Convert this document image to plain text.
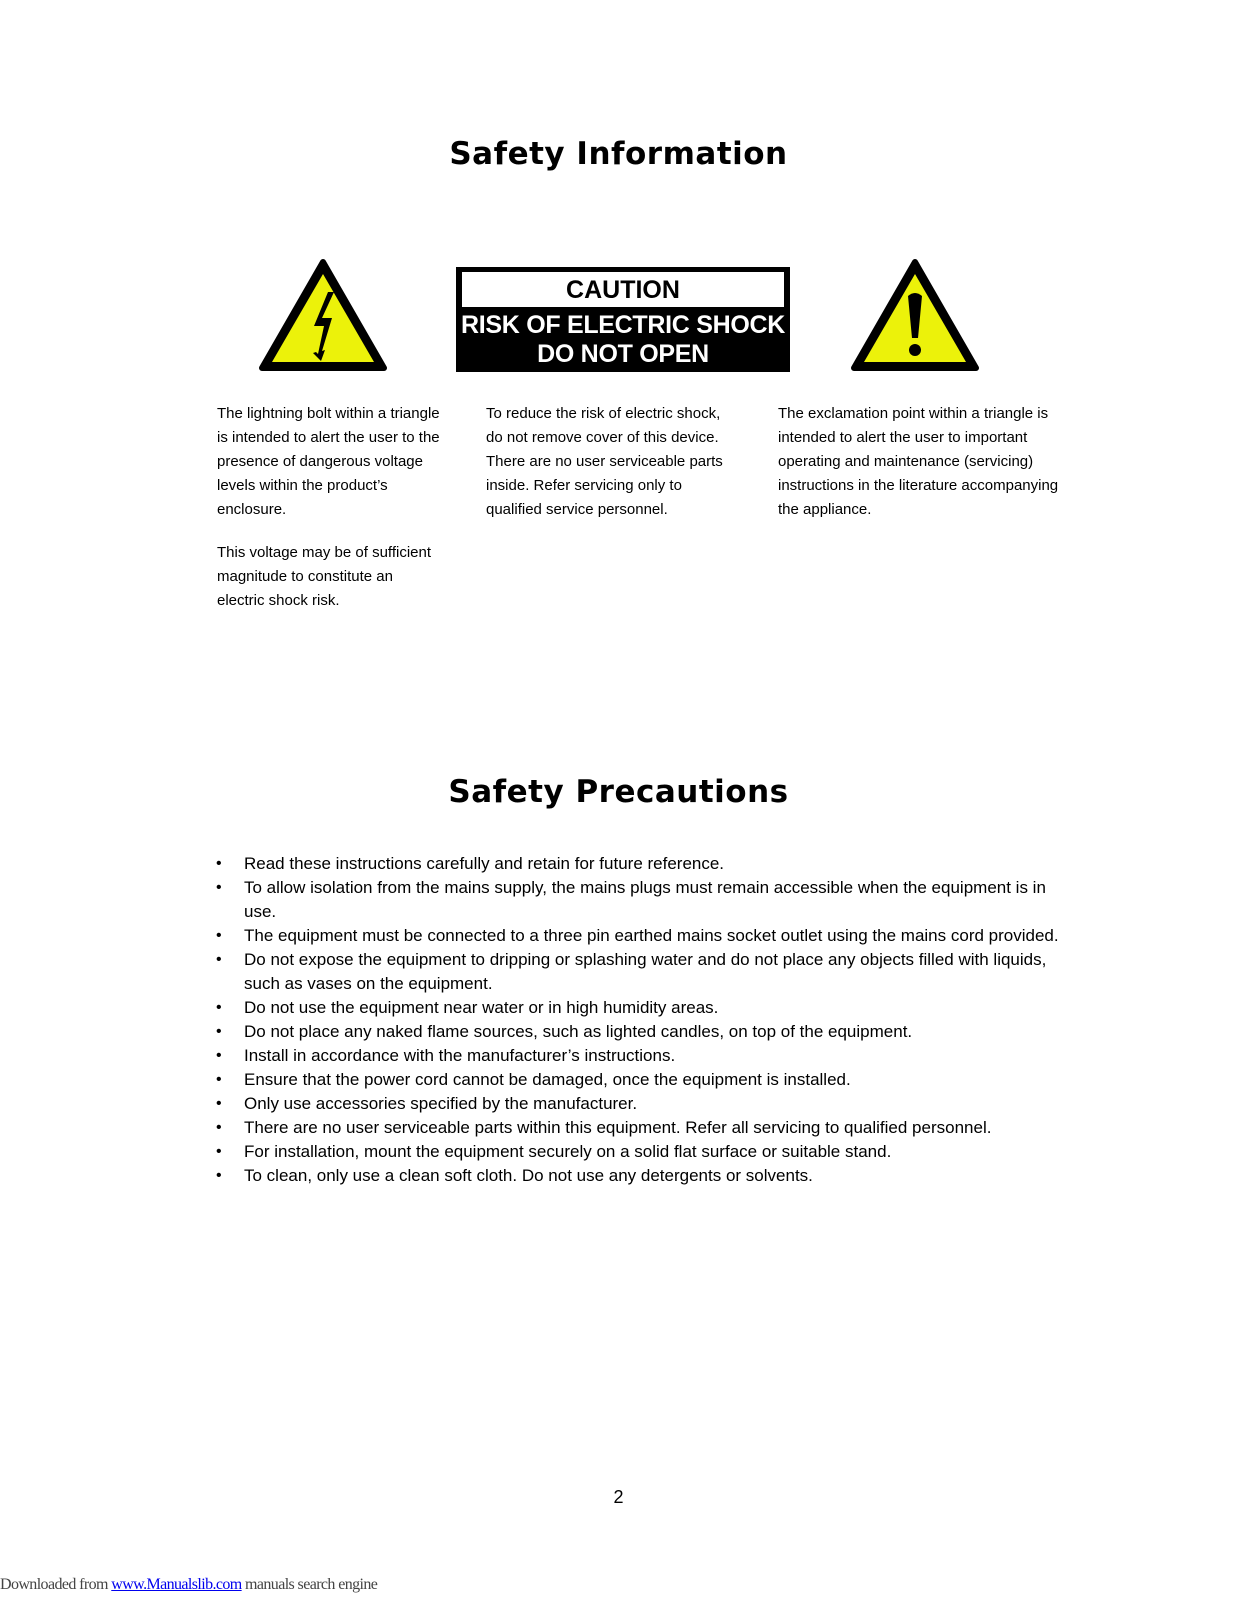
Safety Information
CAUTION
RISK OF ELECTRIC SHOCK
DO NOT OPEN

The lightning bolt within a triangle is intended to alert the user to the presence of dangerous voltage levels within the product’s enclosure.

This voltage may be of sufficient magnitude to constitute an electric shock risk.

To reduce the risk of electric shock, do not remove cover of this device. There are no user serviceable parts inside. Refer servicing only to qualified service personnel.

The exclamation point within a triangle is intended to alert the user to important operating and maintenance (servicing) instructions in the literature accompanying the appliance.

Safety Precautions
• Read these instructions carefully and retain for future reference.
• To allow isolation from the mains supply, the mains plugs must remain accessible when the equipment is in use.
• The equipment must be connected to a three pin earthed mains socket outlet using the mains cord provided.
• Do not expose the equipment to dripping or splashing water and do not place any objects filled with liquids, such as vases on the equipment.
• Do not use the equipment near water or in high humidity areas.
• Do not place any naked flame sources, such as lighted candles, on top of the equipment.
• Install in accordance with the manufacturer’s instructions.
• Ensure that the power cord cannot be damaged, once the equipment is installed.
• Only use accessories specified by the manufacturer.
• There are no user serviceable parts within this equipment. Refer all servicing to qualified personnel.
• For installation, mount the equipment securely on a solid flat surface or suitable stand.
• To clean, only use a clean soft cloth. Do not use any detergents or solvents.
2
Downloaded from www.Manualslib.com manuals search engine
